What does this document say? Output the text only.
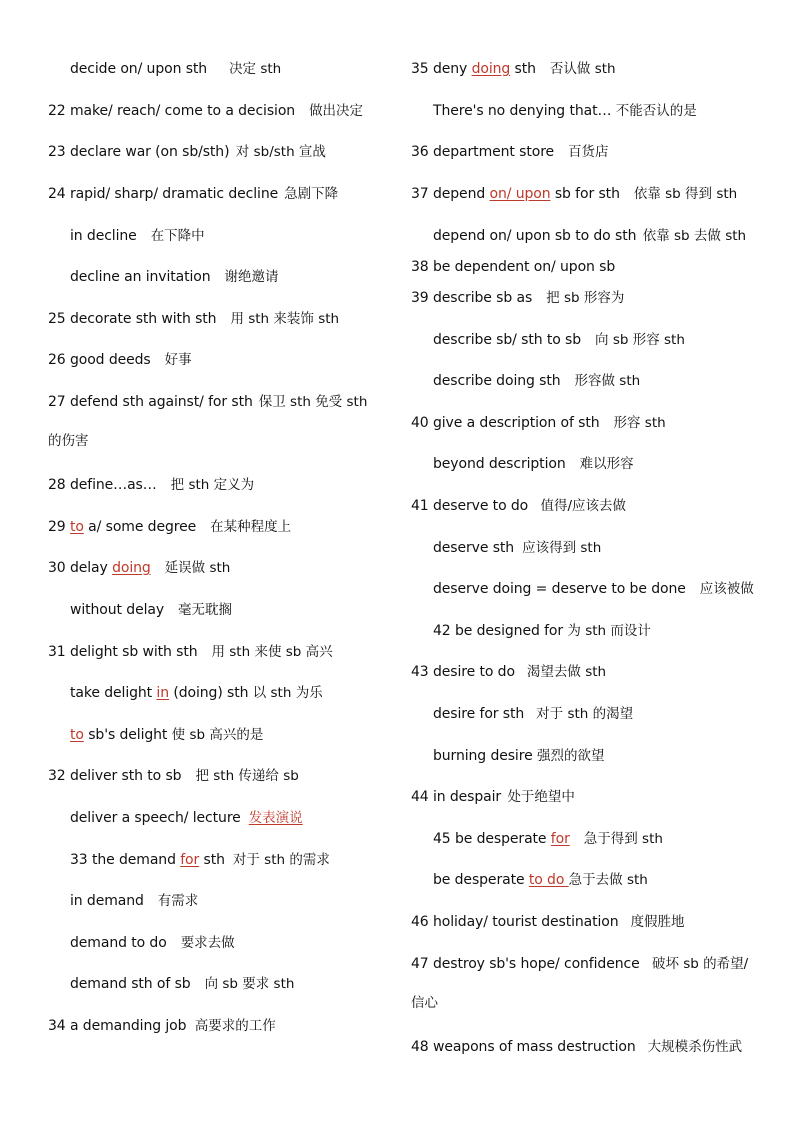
decide on/ upon sth 决定 sth
22 make/ reach/ come to a decision 做出决定
23 declare war (on sb/sth) 对 sb/sth 宣战
24 rapid/ sharp/ dramatic decline 急剧下降
in decline 在下降中
decline an invitation 谢绝邀请
25 decorate sth with sth 用 sth 来装饰 sth
26 good deeds 好事
27 defend sth against/ for sth 保卫 sth 免受 sth
的伤害
28 define…as… 把 sth 定义为
29 to a/ some degree 在某种程度上
30 delay doing 延误做 sth
without delay 毫无耽搁
31 delight sb with sth 用 sth 来使 sb 高兴
take delight in (doing) sth 以 sth 为乐
to sb's delight 使 sb 高兴的是
32 deliver sth to sb 把 sth 传递给 sb
deliver a speech/ lecture 发表演说
33 the demand for sth 对于 sth 的需求
in demand 有需求
demand to do 要求去做
demand sth of sb 向 sb 要求 sth
34 a demanding job 高要求的工作
35 deny doing sth 否认做 sth
There's no denying that… 不能否认的是
36 department store 百货店
37 depend on/ upon sb for sth 依靠 sb 得到 sth
depend on/ upon sb to do sth 依靠 sb 去做 sth
38 be dependent on/ upon sb
39 describe sb as 把 sb 形容为
describe sb/ sth to sb 向 sb 形容 sth
describe doing sth 形容做 sth
40 give a description of sth 形容 sth
beyond description 难以形容
41 deserve to do 值得/应该去做
deserve sth 应该得到 sth
deserve doing = deserve to be done 应该被做
42 be designed for 为 sth 而设计
43 desire to do 渴望去做 sth
desire for sth 对于 sth 的渴望
burning desire 强烈的欲望
44 in despair 处于绝望中
45 be desperate for 急于得到 sth
be desperate to do 急于去做 sth
46 holiday/ tourist destination 度假胜地
47 destroy sb's hope/ confidence 破坏 sb 的希望/
信心
48 weapons of mass destruction 大规模杀伤性武
